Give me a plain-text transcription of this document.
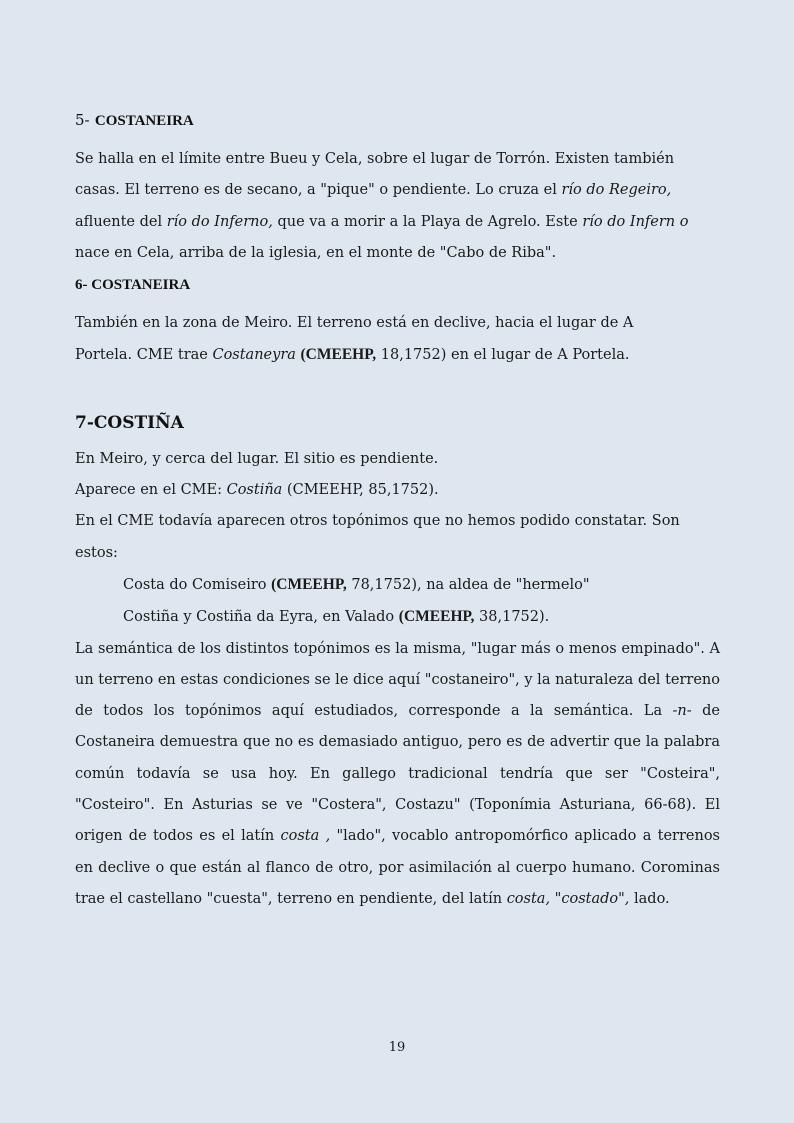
5- COSTANEIRA

Se halla en el límite entre Bueu y Cela, sobre el lugar de Torrón. Existen también

casas. El terreno es de secano, a "pique" o pendiente. Lo cruza el río do Regeiro,

afluente del río do Inferno, que va a morir a la Playa de Agrelo. Este río do Infern o

nace en Cela, arriba de la iglesia, en el monte de "Cabo de Riba".

6- COSTANEIRA

También en la zona de Meiro. El terreno está en declive, hacia el lugar de A

Portela. CME trae Costaneyra (CMEEHP, 18,1752) en el lugar de A Portela.

7-COSTIÑA

En Meiro, y cerca del lugar. El sitio es pendiente.

Aparece en el CME: Costiña (CMEEHP, 85,1752).

En el CME todavía aparecen otros topónimos que no hemos podido constatar. Son

estos:

Costa do Comiseiro (CMEEHP, 78,1752), na aldea de "hermelo"

Costiña y Costiña da Eyra, en Valado (CMEEHP, 38,1752).

La semántica de los distintos topónimos es la misma, "lugar más o menos empinado". A un terreno en estas condiciones se le dice aquí "costaneiro", y la naturaleza del terreno de todos los topónimos aquí estudiados, corresponde a la semántica. La -n- de Costaneira demuestra que no es demasiado antiguo, pero es de advertir que la palabra común todavía se usa hoy. En gallego tradicional tendría que ser "Costeira", "Costeiro". En Asturias se ve "Costera", Costazu" (Toponímia Asturiana, 66-68). El origen de todos es el latín costa , "lado", vocablo antropomórfico aplicado a terrenos en declive o que están al flanco de otro, por asimilación al cuerpo humano. Corominas trae el castellano "cuesta", terreno en pendiente, del latín costa, "costado", lado.

19
